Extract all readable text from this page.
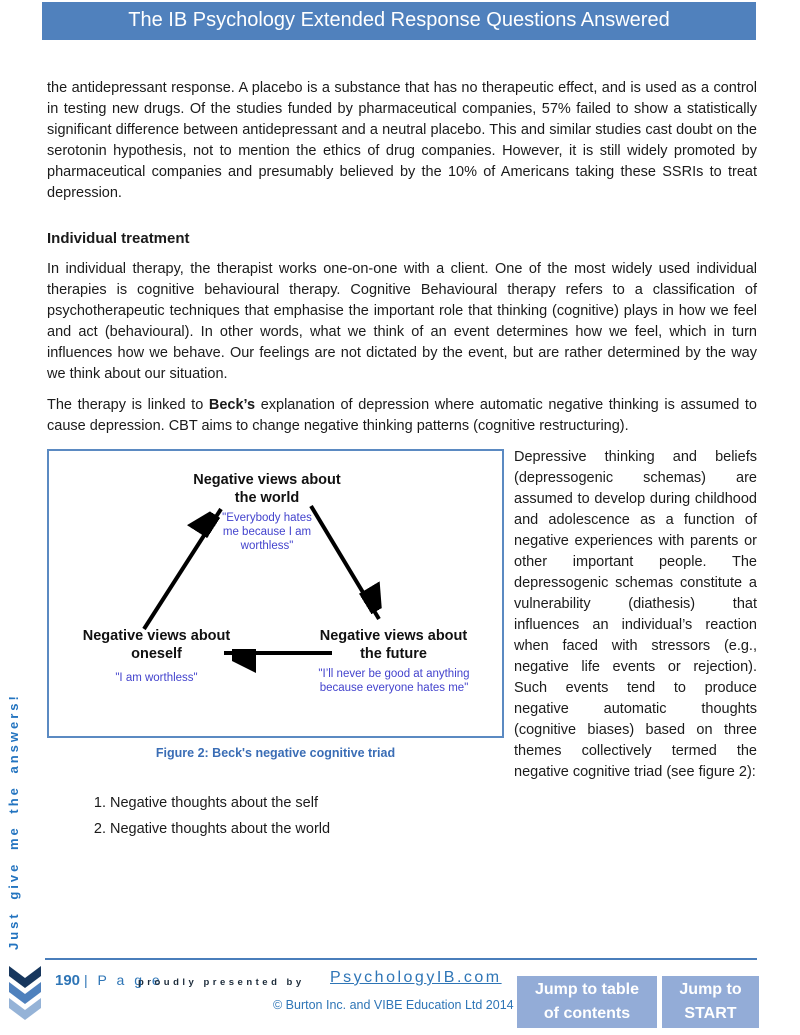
The IB Psychology Extended Response Questions Answered

the antidepressant response. A placebo is a substance that has no therapeutic effect, and is used as a control in testing new drugs. Of the studies funded by pharmaceutical companies, 57% failed to show a statistically significant difference between antidepressant and a neutral placebo. This and similar studies cast doubt on the serotonin hypothesis, not to mention the ethics of drug companies. However, it is still widely promoted by pharmaceutical companies and presumably believed by the 10% of Americans taking these SSRIs to treat depression.

Individual treatment

In individual therapy, the therapist works one-on-one with a client. One of the most widely used individual therapies is cognitive behavioural therapy. Cognitive Behavioural therapy refers to a classification of psychotherapeutic techniques that emphasise the important role that thinking (cognitive) plays in how we feel and act (behavioural). In other words, what we think of an event determines how we feel, which in turn influences how we behave. Our feelings are not dictated by the event, but are rather determined by the way we think about our situation.

The therapy is linked to Beck’s explanation of depression where automatic negative thinking is assumed to cause depression. CBT aims to change negative thinking patterns (cognitive restructuring).

Negative views about the world
"Everybody hates me because I am worthless"
Negative views about oneself
"I am worthless"
Negative views about the future
"I’ll never be good at anything because everyone hates me"
Figure 2: Beck's negative cognitive triad

Depressive thinking and beliefs (depressogenic schemas) are assumed to develop during childhood and adolescence as a function of negative experiences with parents or other important people. The depressogenic schemas constitute a vulnerability (diathesis) that influences an individual’s reaction when faced with stressors (e.g., negative life events or rejection). Such events tend to produce negative automatic thoughts (cognitive biases) based on three themes collectively termed the negative cognitive triad (see figure 2):

1. Negative thoughts about the self
2. Negative thoughts about the world
Just give me the answers!
190 | P a g e
proudly presented by PsychologyIB.com
© Burton Inc. and VIBE Education Ltd 2014
Jump to table
of contents
Jump to
START
